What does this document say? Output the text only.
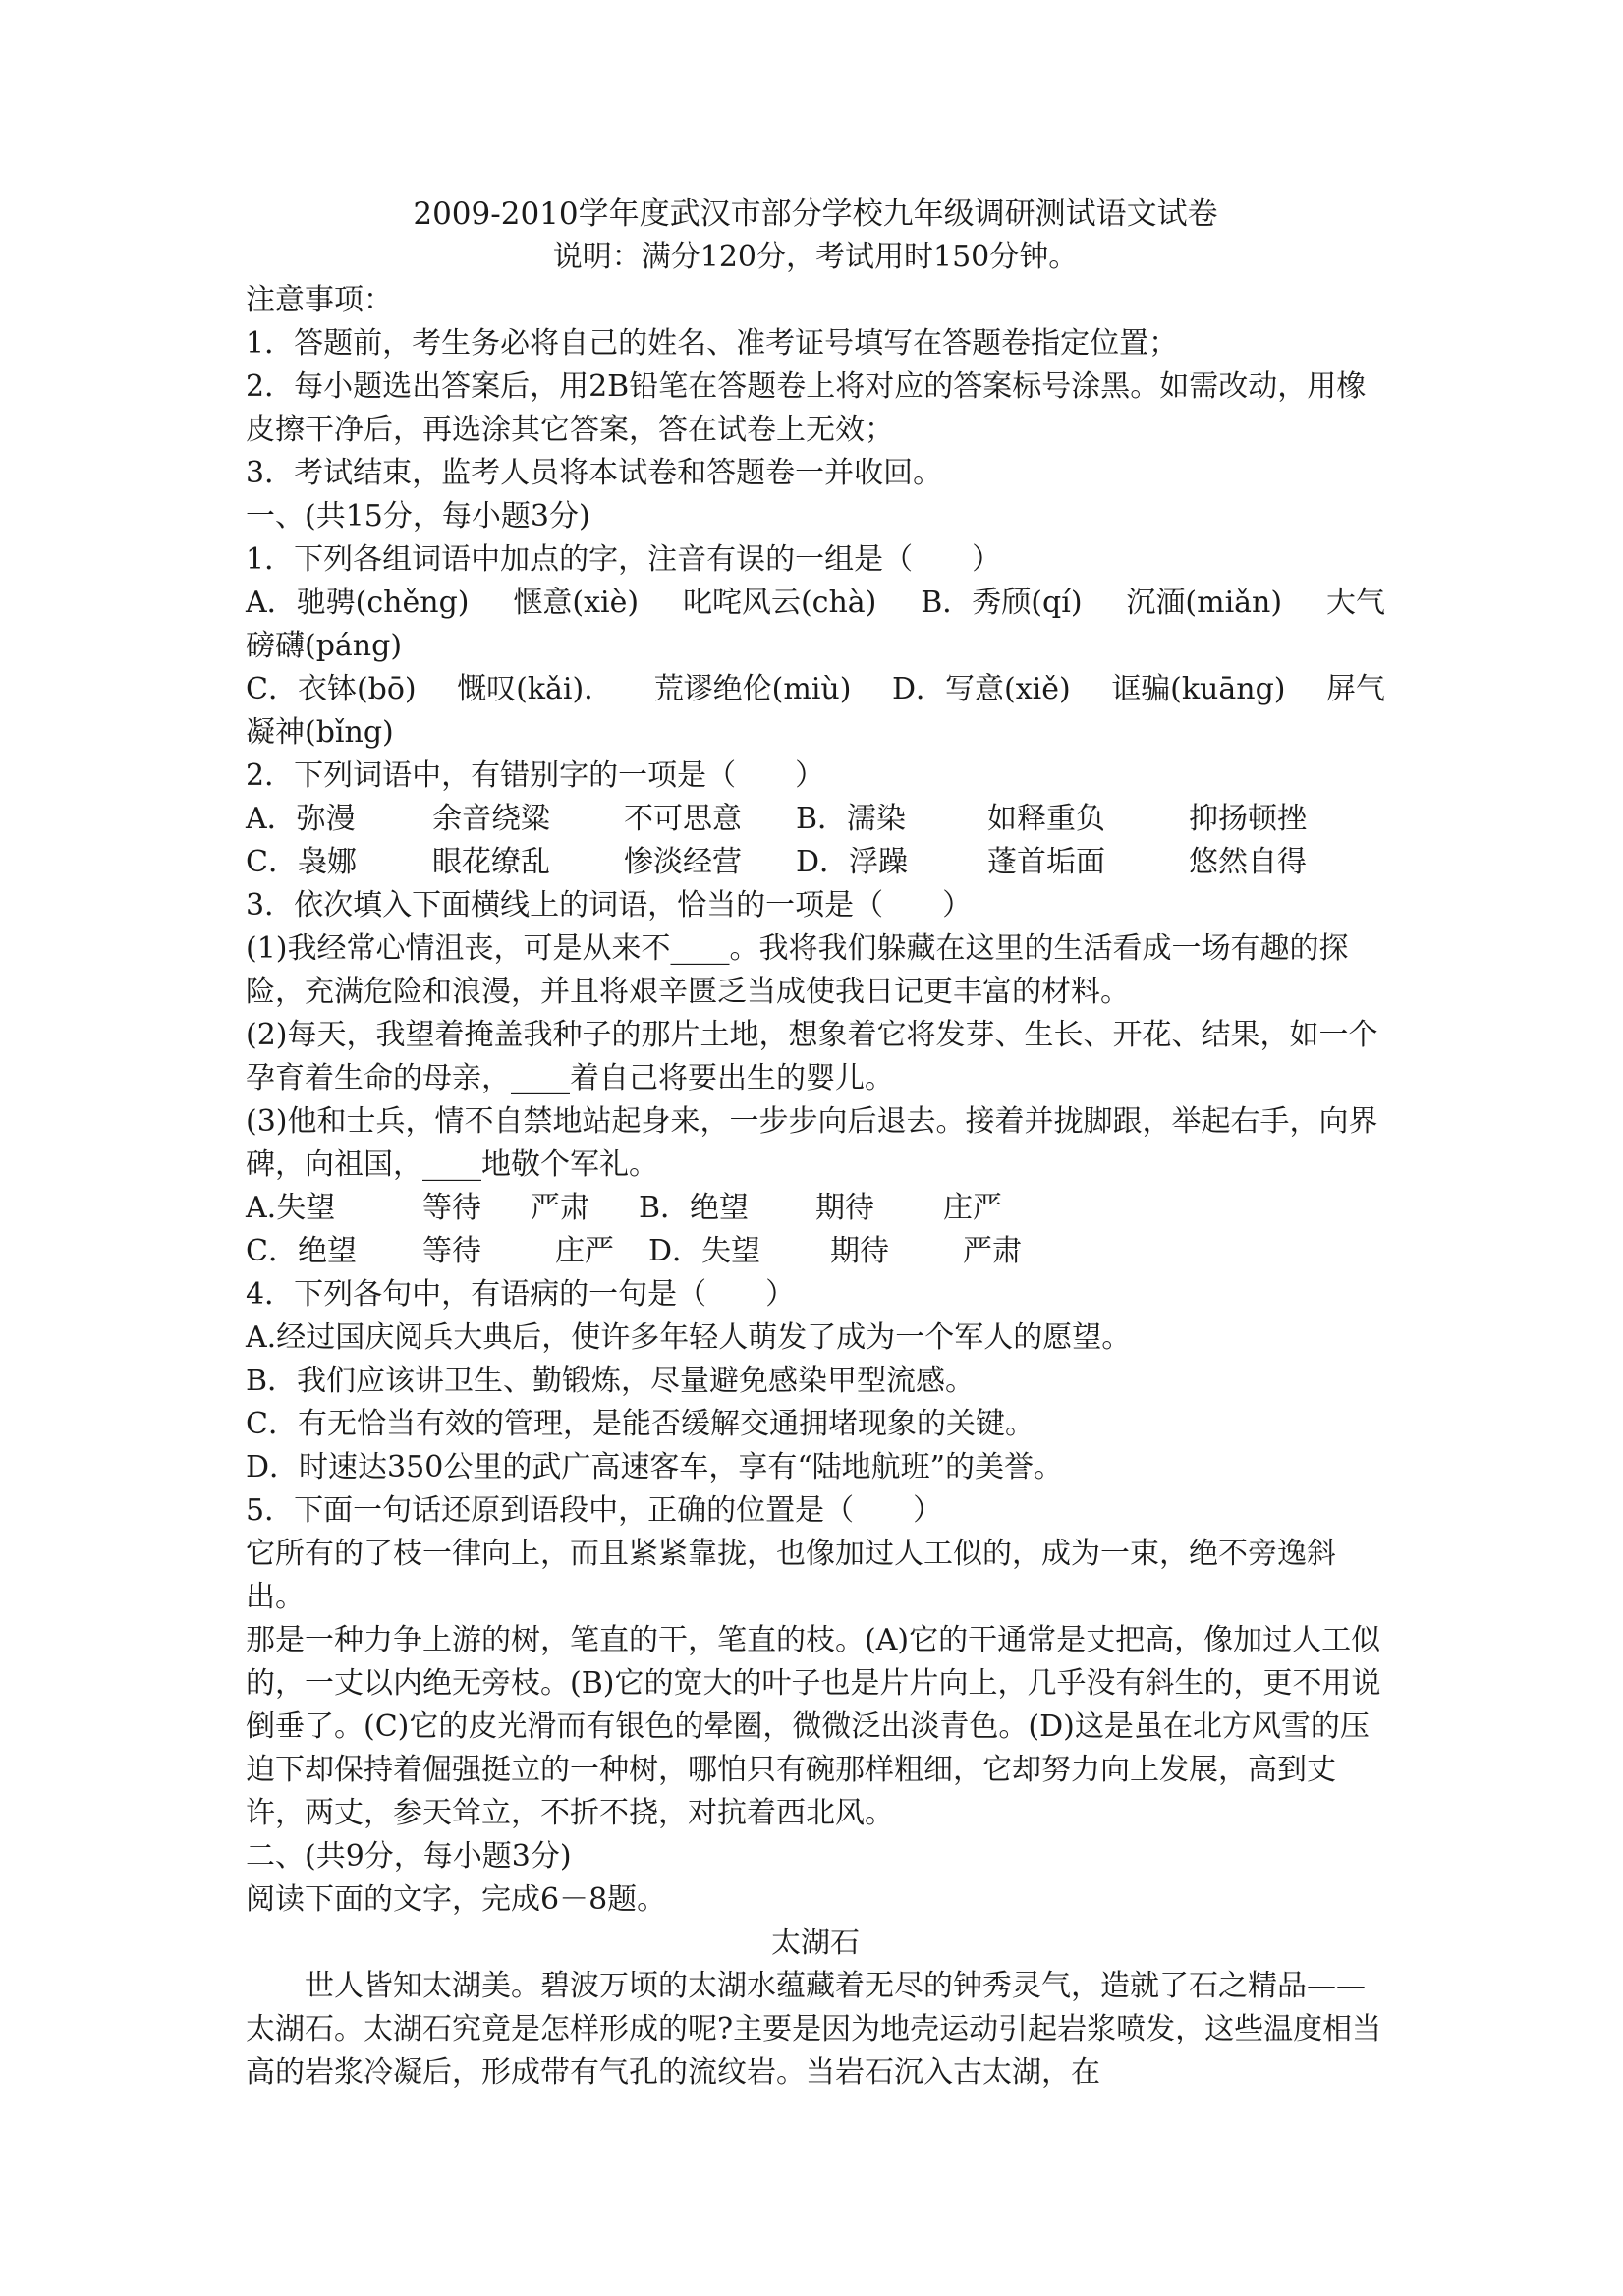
2009-2010学年度武汉市部分学校九年级调研测试语文试卷
说明：满分120分，考试用时150分钟。
注意事项：
1．答题前，考生务必将自己的姓名、准考证号填写在答题卷指定位置；
2．每小题选出答案后，用2B铅笔在答题卷上将对应的答案标号涂黑。如需改动，用橡皮擦干净后，再选涂其它答案，答在试卷上无效；
3．考试结束，监考人员将本试卷和答题卷一并收回。
一、(共15分，每小题3分)
1．下列各组词语中加点的字，注音有误的一组是（　　）
A．驰骋(chěng) 惬意(xiè) 叱咤风云(chà) B．秀颀(qí) 沉湎(miǎn) 大气
磅礴(páng)
C．衣钵(bō) 慨叹(kǎi)． 荒谬绝伦(miù) D．写意(xiě) 诓骗(kuāng) 屏气
凝神(bǐng)
2．下列词语中，有错别字的一项是（　　）
A．弥漫	余音绕粱	不可思意	B．濡染	如释重负	抑扬顿挫
C．袅娜	眼花缭乱	惨淡经营	D．浮躁	蓬首垢面	悠然自得
3．依次填入下面横线上的词语，恰当的一项是（　　）
(1)我经常心情沮丧，可是从来不____。我将我们躲藏在这里的生活看成一场有趣的探险，充满危险和浪漫，并且将艰辛匮乏当成使我日记更丰富的材料。
(2)每天，我望着掩盖我种子的那片土地，想象着它将发芽、生长、开花、结果，如一个孕育着生命的母亲，____着自己将要出生的婴儿。
(3)他和士兵，情不自禁地站起身来，一步步向后退去。接着并拢脚跟，举起右手，向界碑，向祖国，____地敬个军礼。
A.失望	等待	严肃	B．绝望	期待	庄严
C．绝望	等待	庄严	D．失望	期待	严肃
4．下列各句中，有语病的一句是（　　）
A.经过国庆阅兵大典后，使许多年轻人萌发了成为一个军人的愿望。
B．我们应该讲卫生、勤锻炼，尽量避免感染甲型流感。
C．有无恰当有效的管理，是能否缓解交通拥堵现象的关键。
D．时速达350公里的武广高速客车，享有“陆地航班”的美誉。
5．下面一句话还原到语段中，正确的位置是（　　）
它所有的了枝一律向上，而且紧紧靠拢，也像加过人工似的，成为一束，绝不旁逸斜出。
那是一种力争上游的树，笔直的干，笔直的枝。(A)它的干通常是丈把高，像加过人工似的，一丈以内绝无旁枝。(B)它的宽大的叶子也是片片向上，几乎没有斜生的，更不用说倒垂了。(C)它的皮光滑而有银色的晕圈，微微泛出淡青色。(D)这是虽在北方风雪的压迫下却保持着倔强挺立的一种树，哪怕只有碗那样粗细，它却努力向上发展，高到丈许，两丈，参天耸立，不折不挠，对抗着西北风。
二、(共9分，每小题3分)
阅读下面的文字，完成6－8题。
太湖石
世人皆知太湖美。碧波万顷的太湖水蕴藏着无尽的钟秀灵气，造就了石之精品——太湖石。太湖石究竟是怎样形成的呢?主要是因为地壳运动引起岩浆喷发，这些温度相当高的岩浆冷凝后，形成带有气孔的流纹岩。当岩石沉入古太湖，在
